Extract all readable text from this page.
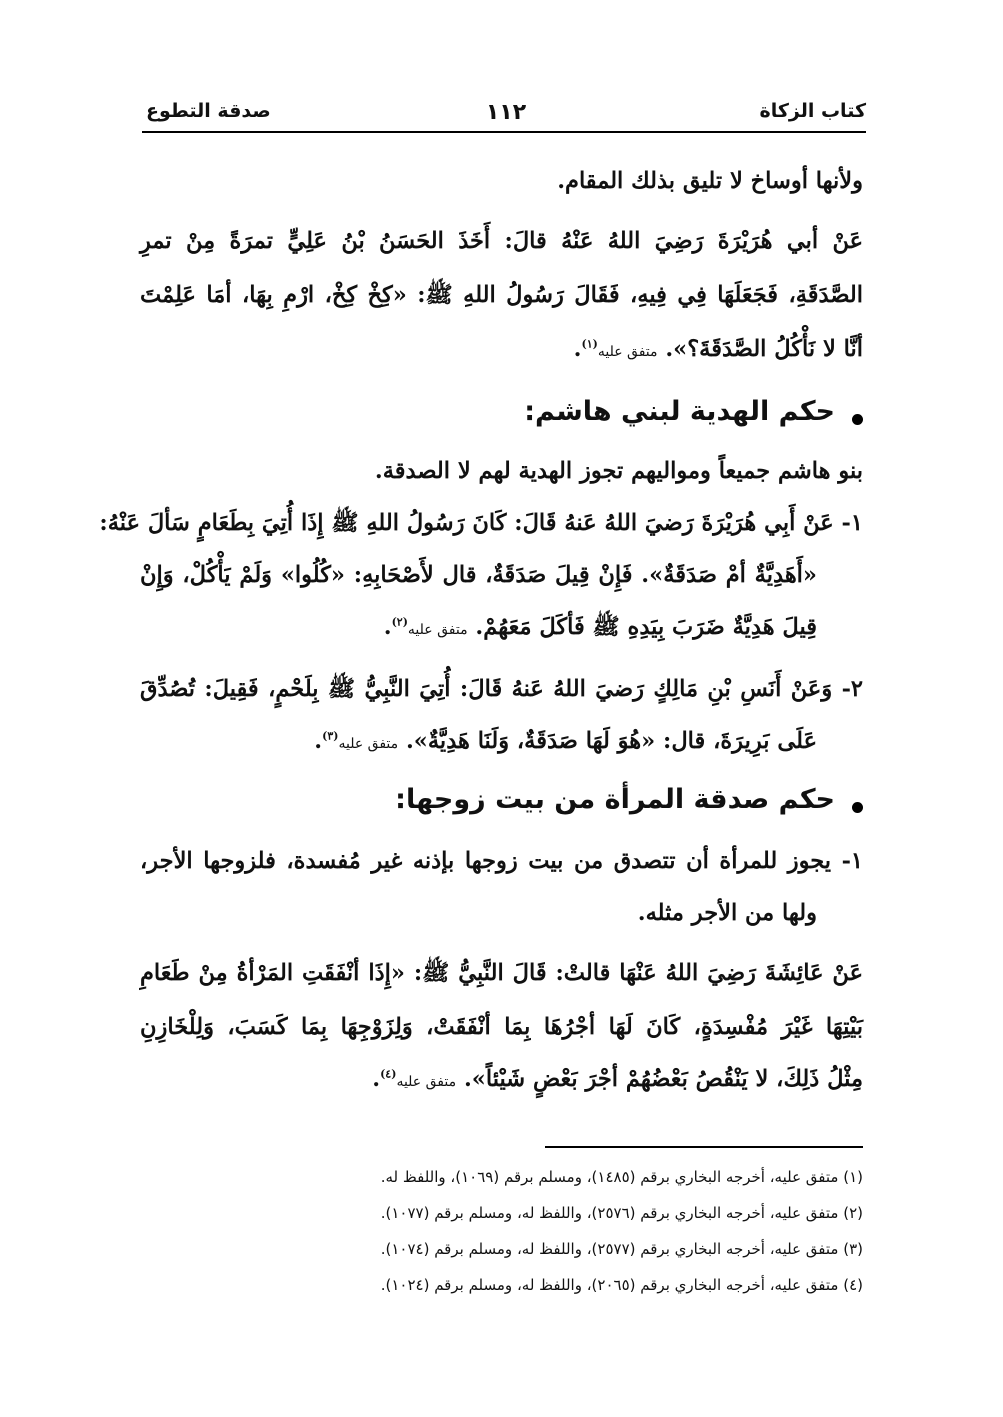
كتاب الزكاة
١١٢
صدقة التطوع
ولأنها أوساخ لا تليق بذلك المقام.
عَنْ أبي هُرَيْرَةَ رَضِيَ اللهُ عَنْهُ قالَ: أَخَذَ الحَسَنُ بْنُ عَلِيٍّ تمرَةً مِنْ تمرِ
الصَّدَقَةِ، فَجَعَلَهَا فِي فِيهِ، فَقَالَ رَسُولُ اللهِ ﷺ: «كِخْ كِخْ، ارْمِ بِهَا، أمَا عَلِمْتَ
أنَّا لا نَأْكُلُ الصَّدَقَةَ؟». متفق عليه$^{(١)}$.
حكم الهدية لبني هاشم:
بنو هاشم جميعاً ومواليهم تجوز الهدية لهم لا الصدقة.
١- عَنْ أَبِي هُرَيْرَةَ رَضيَ اللهُ عَنهُ قَالَ: كَانَ رَسُولُ اللهِ ﷺ إِذَا أُتِيَ بِطَعَامٍ سَألَ عَنْهُ:
«أَهَدِيَّةٌ أمْ صَدَقَةٌ». فَإِنْ قِيلَ صَدَقَةٌ، قال لأَصْحَابِهِ: «كُلُوا» وَلَمْ يَأْكُلْ، وَإِنْ
قِيلَ هَدِيَّةٌ ضَرَبَ بِيَدِهِ ﷺ فَأكَلَ مَعَهُمْ. متفق عليه$^{(٢)}$.
٢- وَعَنْ أَنَسِ بْنِ مَالِكٍ رَضيَ اللهُ عَنهُ قَالَ: أُتِيَ النَّبِيُّ ﷺ بِلَحْمٍ، فَقِيلَ: تُصُدِّقَ
عَلَى بَرِيرَةَ، قال: «هُوَ لَهَا صَدَقَةٌ، وَلَنَا هَدِيَّةٌ». متفق عليه$^{(٣)}$.
حكم صدقة المرأة من بيت زوجها:
١- يجوز للمرأة أن تتصدق من بيت زوجها بإذنه غير مُفسدة، فلزوجها الأجر،
ولها من الأجر مثله.
عَنْ عَائِشَةَ رَضِيَ اللهُ عَنْهَا قالتْ: قَالَ النَّبِيُّ ﷺ: «إِذَا أنْفَقَتِ المَرْأةُ مِنْ طَعَامِ
بَيْتِهَا غَيْرَ مُفْسِدَةٍ، كَانَ لَهَا أجْرُهَا بِمَا أنْفَقَتْ، وَلِزَوْجِهَا بِمَا كَسَبَ، وَلِلْخَازِنِ
مِثْلُ ذَلِكَ، لا يَنْقُصُ بَعْضُهُمْ أجْرَ بَعْضٍ شَيْئاً». متفق عليه$^{(٤)}$.
(١) متفق عليه، أخرجه البخاري برقم (١٤٨٥)، ومسلم برقم (١٠٦٩)، واللفظ له.
(٢) متفق عليه، أخرجه البخاري برقم (٢٥٧٦)، واللفظ له، ومسلم برقم (١٠٧٧).
(٣) متفق عليه، أخرجه البخاري برقم (٢٥٧٧)، واللفظ له، ومسلم برقم (١٠٧٤).
(٤) متفق عليه، أخرجه البخاري برقم (٢٠٦٥)، واللفظ له، ومسلم برقم (١٠٢٤).
